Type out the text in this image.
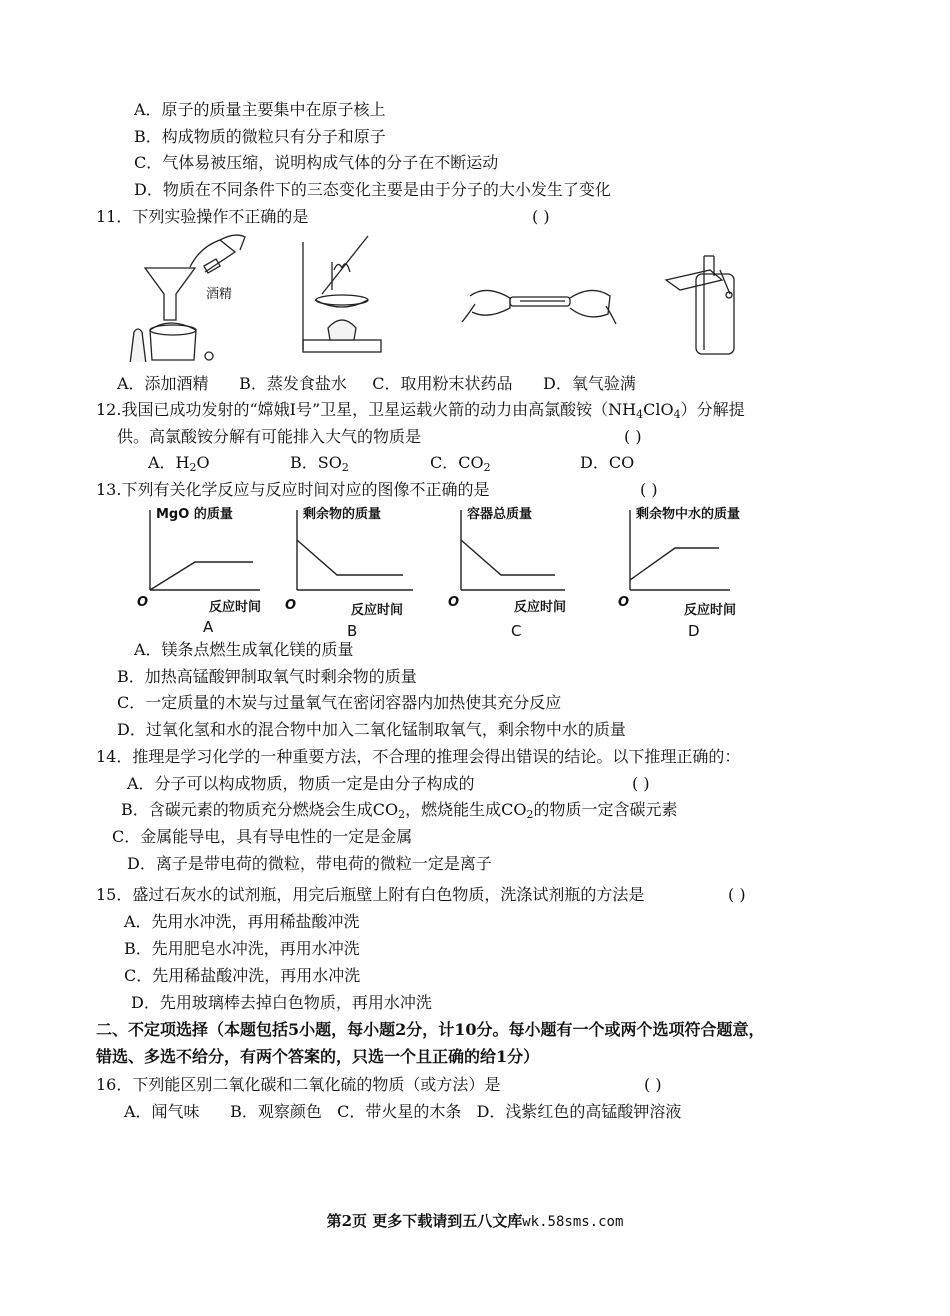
A．原子的质量主要集中在原子核上
B．构成物质的微粒只有分子和原子
C．气体易被压缩，说明构成气体的分子在不断运动
D．物质在不同条件下的三态变化主要是由于分子的大小发生了变化
11．下列实验操作不正确的是	( )
酒精
A．添加酒精      B．蒸发食盐水     C．取用粉末状药品      D．氧气验满
12.我国已成功发射的“嫦娥Ⅰ号”卫星，卫星运载火箭的动力由高氯酸铵$(NH_4ClO_4)$分解提
供。高氯酸铵分解有可能排入大气的物质是	( )
A．$H_2O$	B．$SO_2$	C．$CO_2$	D．CO
13.下列有关化学反应与反应时间对应的图像不正确的是	( )
MgO 的质量	剩余物的质量	容器总质量	剩余物中水的质量
O	O	O	O
反应时间	反应时间	反应时间	反应时间
A	B	C	D
A．镁条点燃生成氧化镁的质量
B．加热高锰酸钾制取氧气时剩余物的质量
C．一定质量的木炭与过量氧气在密闭容器内加热使其充分反应
D．过氧化氢和水的混合物中加入二氧化锰制取氧气，剩余物中水的质量
14．推理是学习化学的一种重要方法，不合理的推理会得出错误的结论。以下推理正确的：
A．分子可以构成物质，物质一定是由分子构成的	( )
B．含碳元素的物质充分燃烧会生成$CO_2$，燃烧能生成$CO_2$的物质一定含碳元素
C．金属能导电，具有导电性的一定是金属
D．离子是带电荷的微粒，带电荷的微粒一定是离子
15．盛过石灰水的试剂瓶，用完后瓶壁上附有白色物质，洗涤试剂瓶的方法是	( )
A．先用水冲洗，再用稀盐酸冲洗
B．先用肥皂水冲洗，再用水冲洗
C．先用稀盐酸冲洗，再用水冲洗
D．先用玻璃棒去掉白色物质，再用水冲洗
二、不定项选择（本题包括5小题，每小题2分，计10分。每小题有一个或两个选项符合题意，
错选、多选不给分，有两个答案的，只选一个且正确的给1分）
16．下列能区别二氧化碳和二氧化硫的物质（或方法）是	( )
A．闻气味      B．观察颜色   C．带火星的木条   D．浅紫红色的高锰酸钾溶液
第2页 更多下载请到五八文库wk.58sms.com
